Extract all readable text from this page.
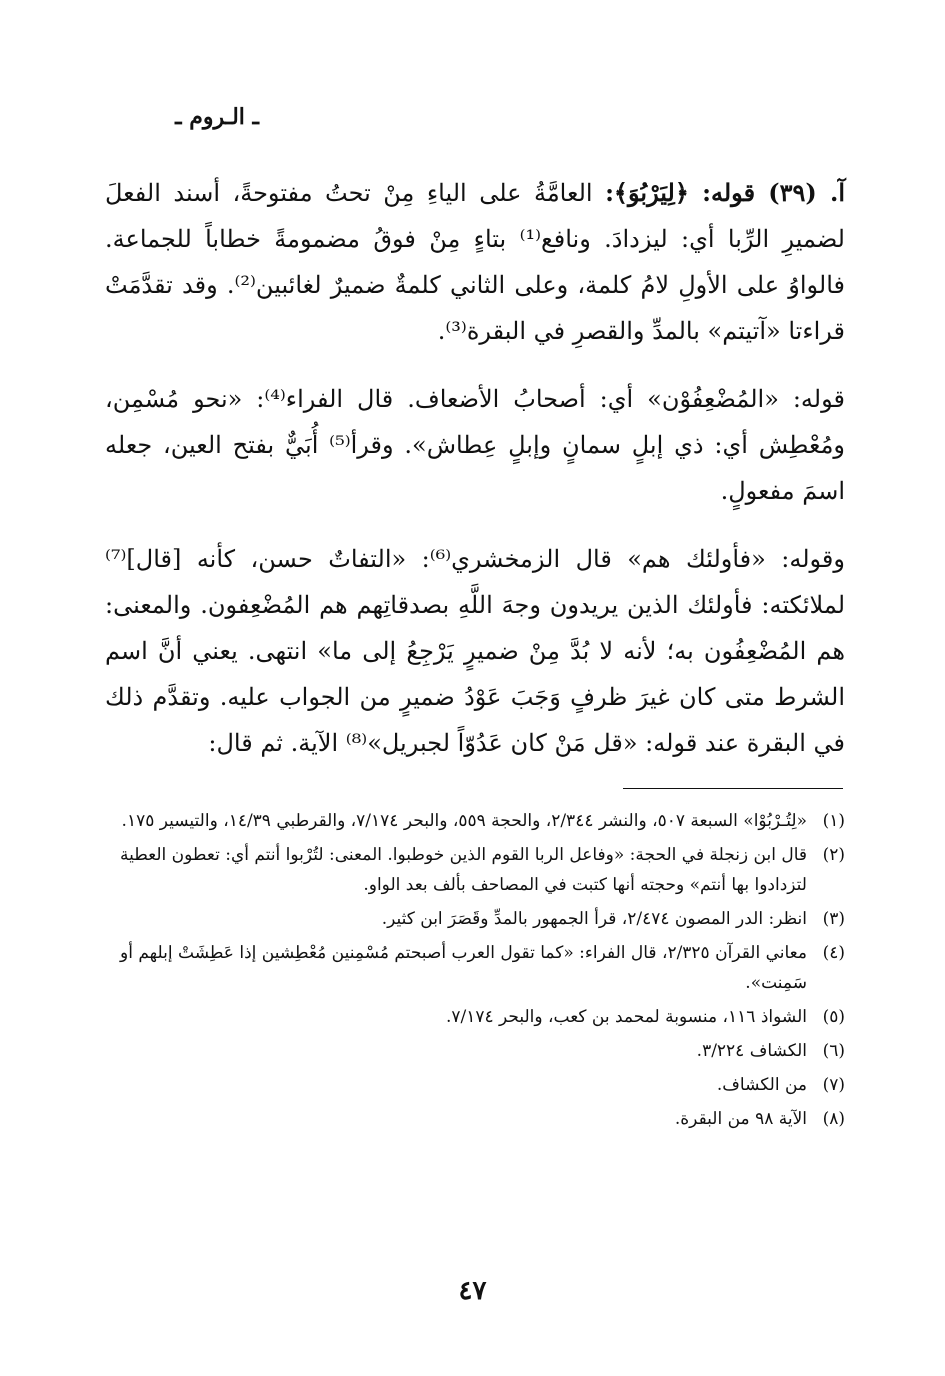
ـ الـروم ـ

آ. (٣٩) قوله: ﴿لِيَرْبُوَ﴾: العامَّةُ على الياءِ مِنْ تحتُ مفتوحةً، أسند الفعلَ لضميرِ الرِّبا أي: ليزدادَ. ونافع⁽¹⁾ بتاءٍ مِنْ فوقُ مضمومةً خطاباً للجماعة. فالواوُ على الأولِ لامُ كلمة، وعلى الثاني كلمةٌ ضميرٌ لغائبين⁽²⁾. وقد تقدَّمَتْ قراءتا «آتيتم» بالمدِّ والقصرِ في البقرة⁽³⁾.

قوله: «المُضْعِفُوْن» أي: أصحابُ الأضعاف. قال الفراء⁽⁴⁾: «نحو مُسْمِن، ومُعْطِش أي: ذي إبلٍ سمانٍ وإبلٍ عِطاش». وقرأ⁽⁵⁾ أُبَيٌّ بفتح العين، جعله اسمَ مفعولٍ.

وقوله: «فأولئك هم» قال الزمخشري⁽⁶⁾: «التفاتٌ حسن، كأنه [قال]⁽⁷⁾ لملائكته: فأولئك الذين يريدون وجهَ اللَّهِ بصدقاتِهم هم المُضْعِفون. والمعنى: هم المُضْعِفُون به؛ لأنه لا بُدَّ مِنْ ضميرٍ يَرْجِعُ إلى ما» انتهى. يعني أنَّ اسم الشرط متى كان غيرَ ظرفٍ وَجَبَ عَوْدُ ضميرٍ من الجواب عليه. وتقدَّم ذلك في البقرة عند قوله: «قل مَنْ كان عَدُوّاً لجبريل»⁽⁸⁾ الآية. ثم قال:

(١)
«لِتُـرْبُوْا» السبعة ٥٠٧، والنشر ٢/٣٤٤، والحجة ٥٥٩، والبحر ٧/١٧٤، والقرطبي ١٤/٣٩، والتيسير ١٧٥.
(٢)
قال ابن زنجلة في الحجة: «وفاعل الربا القوم الذين خوطبوا. المعنى: لتُرْبوا أنتم أي: تعطون العطية لتزدادوا بها أنتم» وحجته أنها كتبت في المصاحف بألف بعد الواو.
(٣)
انظر: الدر المصون ٢/٤٧٤، قرأ الجمهور بالمدِّ وقَصَرَ ابن كثير.
(٤)
معاني القرآن ٢/٣٢٥، قال الفراء: «كما تقول العرب أصبحتم مُسْمِنين مُعْطِشين إذا عَطِشَتْ إبلهم أو سَمِنت».
(٥)
الشواذ ١١٦، منسوبة لمحمد بن كعب، والبحر ٧/١٧٤.
(٦)
الكشاف ٣/٢٢٤.
(٧)
من الكشاف.
(٨)
الآية ٩٨ من البقرة.
٤٧
